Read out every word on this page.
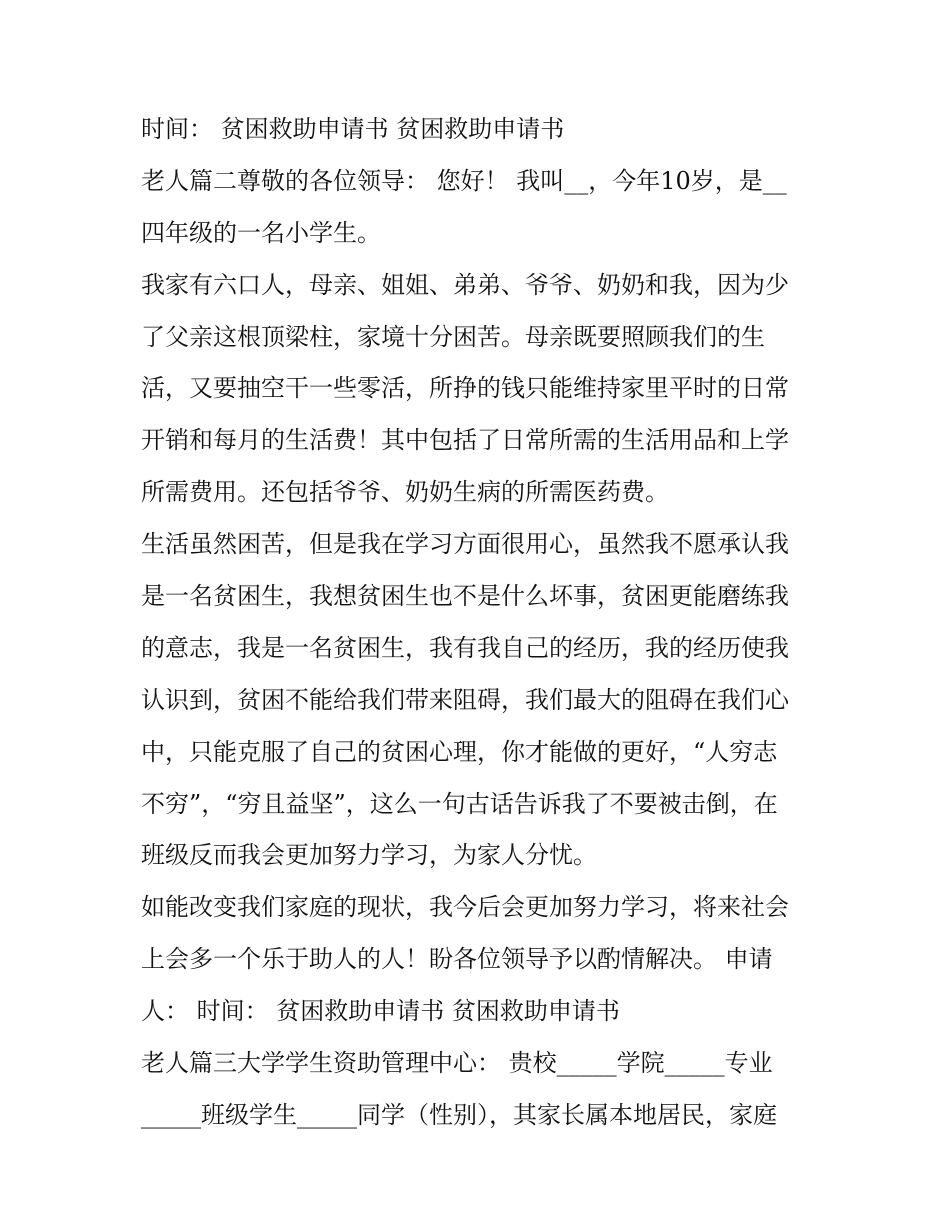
时间： 贫困救助申请书 贫困救助申请书
老人篇二尊敬的各位领导： 您好！ 我叫__，今年10岁，是__
四年级的一名小学生。
我家有六口人，母亲、姐姐、弟弟、爷爷、奶奶和我，因为少
了父亲这根顶梁柱，家境十分困苦。母亲既要照顾我们的生
活，又要抽空干一些零活，所挣的钱只能维持家里平时的日常
开销和每月的生活费！其中包括了日常所需的生活用品和上学
所需费用。还包括爷爷、奶奶生病的所需医药费。
生活虽然困苦，但是我在学习方面很用心，虽然我不愿承认我
是一名贫困生，我想贫困生也不是什么坏事，贫困更能磨练我
的意志，我是一名贫困生，我有我自己的经历，我的经历使我
认识到，贫困不能给我们带来阻碍，我们最大的阻碍在我们心
中，只能克服了自己的贫困心理，你才能做的更好，“人穷志
不穷”，“穷且益坚”，这么一句古话告诉我了不要被击倒，在
班级反而我会更加努力学习，为家人分忧。
如能改变我们家庭的现状，我今后会更加努力学习，将来社会
上会多一个乐于助人的人！盼各位领导予以酌情解决。 申请
人： 时间： 贫困救助申请书 贫困救助申请书
老人篇三大学学生资助管理中心： 贵校_____学院_____专业
_____班级学生_____同学（性别），其家长属本地居民，家庭
